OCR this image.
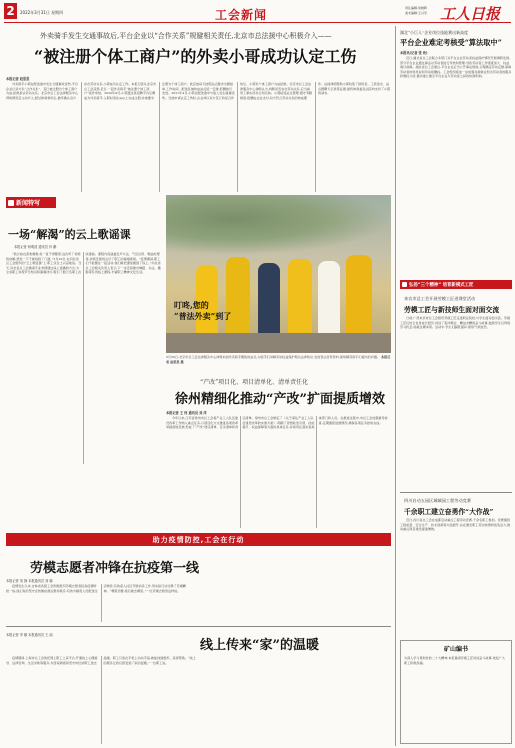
2	2022年3月31日 星期四	工会新闻	责任编辑:何晓晖
美术编辑:王兴学 工人日报
外卖骑手发生交通事故后,平台企业以“合作关系”规避相关责任,北京市总法援中心积极介入——
“被注册个体工商户”的外卖小哥成功认定工伤
本报记者 赵思思

外卖骑手小郭在配送途中发生交通事故受伤,平台企业以双方系“合作关系”、其已被注册为个体工商户为由,拒绝承认劳动关系。北京市总工会法律服务中心得知情况后主动介入,经过仲裁和诉讼,最终确认双方存在劳动关系,小郭成功认定工伤。本报记者从北京市总工会获悉,近日,一起外卖骑手“被注册个体工商户”案件审结。2020年9月,小郭通过某招聘平台应聘成为外卖骑手,入职时需在App上完成注册,并被要求注册为个体工商户。此后他每天按照站点要求出勤接单,工作时间、配送区域均由站点统一安排,报酬按月发放。2021年4月,小郭在配送途中与他人发生碰撞受伤。当他申请认定工伤时,企业却以双方签订的是合作协议、小郭系个体工商户为由拒绝。北京市总工会法律服务中心律师认为,判断是否存在劳动关系,应当看用工事实而非合同名称。小郭接受站点管理,遵守考勤制度,报酬由企业支付,双方符合劳动关系的构成要件。法援律师帮助小郭收集了排班表、工资流水、站点群聊天记录等证据,最终仲裁委及法院均支持了小郭的请求。

叮咚,您的
“普法外卖”到了
3月30日,北京市总工会法律服务中心律师来到外卖骑手聚集的站点,为骑手们讲解劳动权益保护相关法律知识,发放普法宣传资料,现场解答骑手们提出的问题。 本报记者 赵思思 摄
新闻特写
一场“解渴”的云上歌谣课
本报记者 杨明清 通讯员 肖 鹏

“我以前也喜欢唱歌,但一直不得要领,这次听了老师的讲解,感觉一下子就找到了门道。”3月29日,在河北省总工会组织的“云上歌谣课”上,职工张女士兴奋地说。当天,河北省总工会邀请专业老师通过线上直播的方式,为全省职工讲授声乐知识和演唱技巧,吸引了数万名职工在线观看。课程内容涵盖发声方法、气息运用、歌曲处理等,老师还现场点评了职工的演唱视频。“疫情期间,职工们不能聚在一起活动,我们就把课堂搬到了线上。”河北省总工会相关负责人表示,下一步还将推出舞蹈、书法、摄影等系列线上课程,丰富职工精神文化生活。

“产改”项目化、项目清单化、清单责任化
徐州精细化推动“产改”扩面提质增效
本报记者 王 伟 通讯员 刘 洋

今年以来,江苏省徐州市总工会将产业工人队伍建设改革工作纳入重点任务,以项目化方式推进各项改革举措落地见效,形成了“产改”项目清单、任务清单和责任清单。徐州市总工会制定了《关于深化产业工人队伍建设改革的实施方案》,明确了思想政治引领、技能提升、权益保障等方面的具体任务,并将责任落实到具体部门和人员。在推进过程中,市总工会加强督导检查,定期通报进展情况,确保各项任务按时完成。

助力疫情防控,工会在行动
劳模志愿者冲锋在抗疫第一线
本报记者 刘 静 本报通讯员 刘 娜

疫情发生以来,吉林省各级工会积极组织劳模志愿者投身疫情防控一线,他们有的坚守在核酸检测点维持秩序,有的为隔离人员配送生活物资,有的深入社区开展消杀工作,用实际行动诠释了劳模精神。“哪里需要,我们就去哪里。”一位劳模志愿者这样说。

线上传来“家”的温暖
本报记者 李 娜 本报通讯员 王 丽

疫情期间,上海市总工会依托网上职工之家平台,开通线上心理疏导、法律咨询、生活求助等服务,为居家隔离和坚守岗位的职工送去温暖。职工只需在手机上动动手指,就能找到组织、获得帮助。“线上的服务让我们感受到了家的温暖。”一位职工说。

湖北“小巨人”企业岗位技能赛出新高度
平台企业难定考核受“算法取中”
本报讯(记者 张 玫)

近日,湖北省总工会联合多部门对平台企业劳动者权益保护情况开展调研发现,部分平台企业通过算法对劳动者进行考核和管理,导致劳动者工作强度加大、权益难以保障。湖北省总工会建议,平台企业应当公开算法规则,合理确定劳动定额,保障劳动者的休息权和劳动报酬权。工会组织将进一步加强对新就业形态劳动者的服务和维权力度,推动建立健全平台企业与劳动者之间的协商机制。

弘扬“三个精神” 培育新模式工匠
来宾市总工会开展劳模工匠进课堂活动
劳模工匠与新技师生面对面交流

日前,广西来宾市总工会组织劳模工匠走进职业院校,与学生面对面交流。劳模工匠们结合自身成长经历,讲述了爱岗敬业、精益求精的奋斗故事,鼓励学生们珍惜学习机会,练就过硬本领。活动中,学生们踊跃提问,现场气氛热烈。

四川启动五园区城域园工程劳动竞赛
千余职工建立奋勇作“大作战”

近日,四川省总工会在成都启动重点工程劳动竞赛,千余名职工参加。竞赛围绕工程质量、安全生产、技术创新等方面展开,旨在激发职工劳动热情和创造活力,推动重点项目建设提速增效。

矿山编书
为深入学习贯彻党的二十大精神,本报邀请劳模工匠讲述奋斗故事,欢迎广大职工积极投稿。
